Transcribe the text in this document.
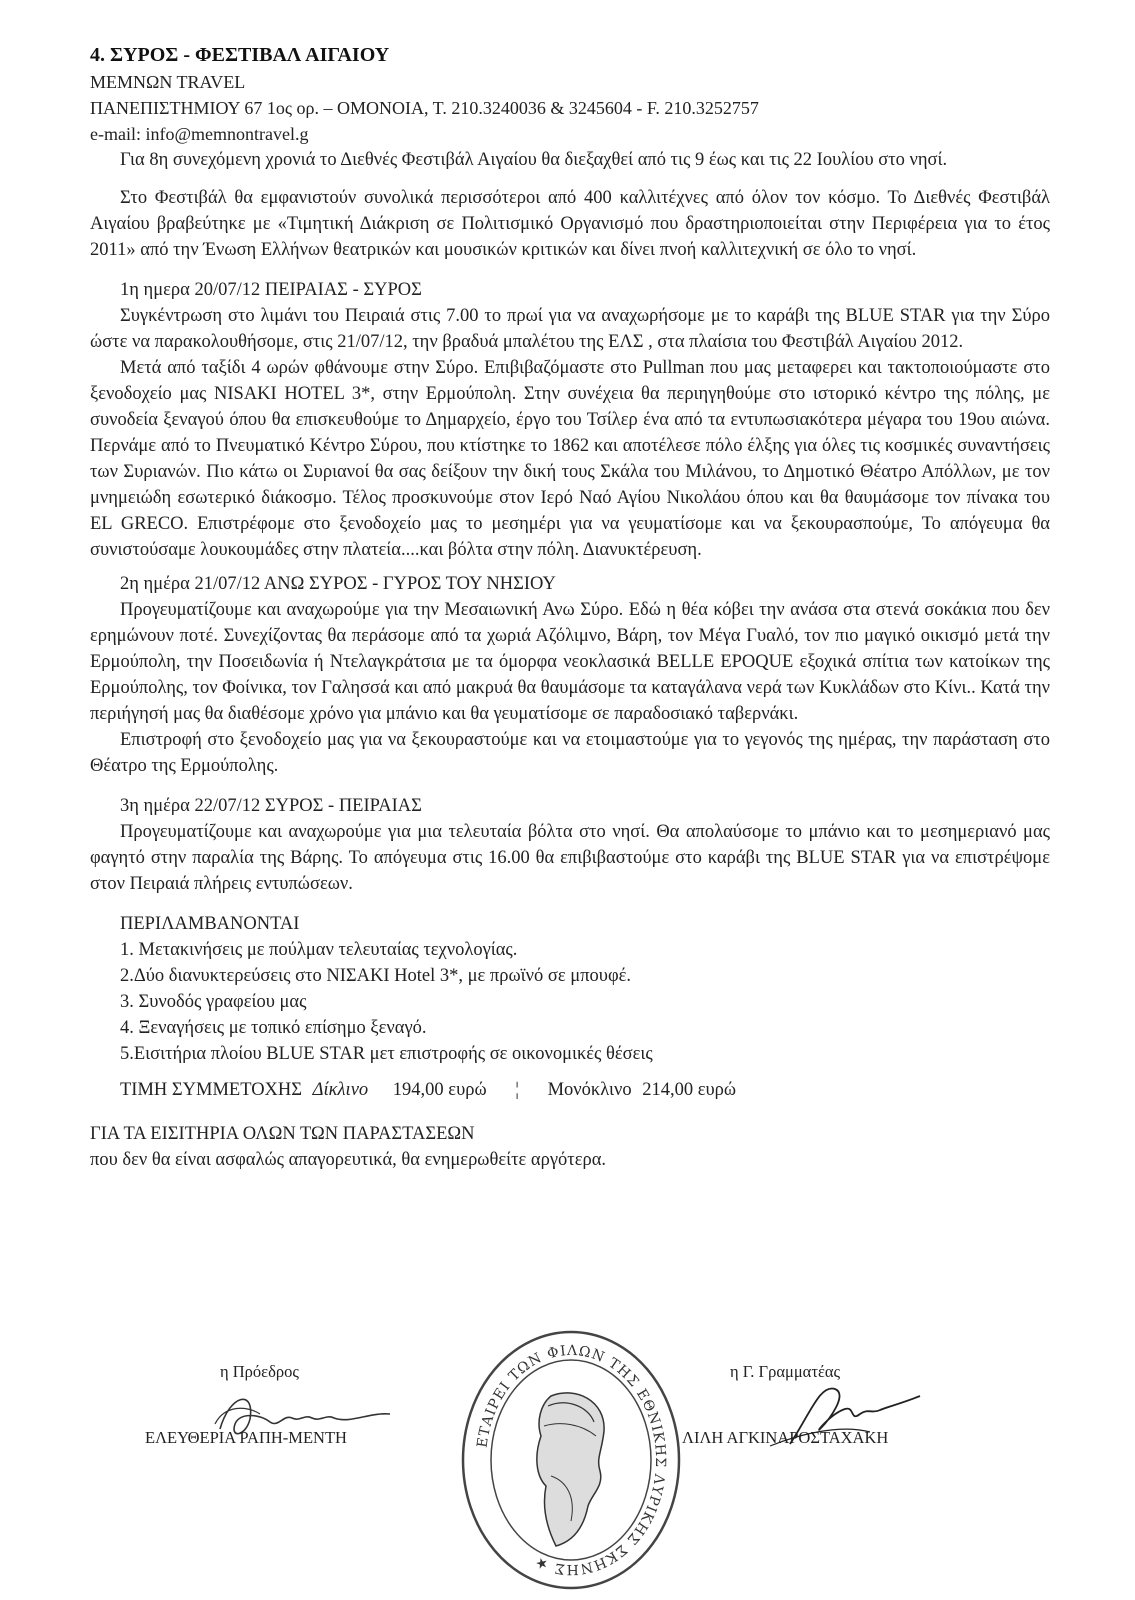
4. ΣΥΡΟΣ - ΦΕΣΤΙΒΑΛ ΑΙΓΑΙΟΥ
MEMNΩN TRAVEL
ΠΑΝΕΠΙΣΤΗΜΙΟΥ 67 1ος ορ. – ΟΜΟΝΟΙΑ, Τ. 210.3240036 & 3245604 - F. 210.3252757
e-mail: info@memnontravel.g

Για 8η συνεχόμενη χρονιά το Διεθνές Φεστιβάλ Αιγαίου θα διεξαχθεί από τις 9 έως και τις 22 Ιουλίου στο νησί.

Στο Φεστιβάλ θα εμφανιστούν συνολικά περισσότεροι από 400 καλλιτέχνες από όλον τον κόσμο. Το Διεθνές Φεστιβάλ Αιγαίου βραβεύτηκε με «Τιμητική Διάκριση σε Πολιτισμικό Οργανισμό που δραστηριοποιείται στην Περιφέρεια για το έτος 2011» από την Ένωση Ελλήνων θεατρικών και μουσικών κριτικών και δίνει πνοή καλλιτεχνική σε όλο το νησί.

1η ημερα 20/07/12 ΠΕΙΡΑΙΑΣ - ΣΥΡΟΣ

Συγκέντρωση στο λιμάνι του Πειραιά στις 7.00 το πρωί για να αναχωρήσομε με το καράβι της BLUE STAR για την Σύρο ώστε να παρακολουθήσομε, στις 21/07/12, την βραδυά μπαλέτου της ΕΛΣ , στα πλαίσια του Φεστιβάλ Αιγαίου 2012.

Μετά από ταξίδι 4 ωρών φθάνουμε στην Σύρο. Επιβιβαζόμαστε στο Pullman που μας μεταφερει και τακτοποιούμαστε στο ξενοδοχείο μας NISAKI HOTEL 3*, στην Ερμούπολη. Στην συνέχεια θα περιηγηθούμε στο ιστορικό κέντρο της πόλης, με συνοδεία ξεναγού όπου θα επισκευθούμε το Δημαρχείο, έργο του Τσίλερ ένα από τα εντυπωσιακότερα μέγαρα του 19ου αιώνα. Περνάμε από το Πνευματικό Κέντρο Σύρου, που κτίστηκε το 1862 και αποτέλεσε πόλο έλξης για όλες τις κοσμικές συναντήσεις των Συριανών. Πιο κάτω οι Συριανοί θα σας δείξουν την δική τους Σκάλα του Μιλάνου, το Δημοτικό Θέατρο Απόλλων, με τον μνημειώδη εσωτερικό διάκοσμο. Τέλος προσκυνούμε στον Ιερό Ναό Αγίου Νικολάου όπου και θα θαυμάσομε τον πίνακα του EL GRECO. Επιστρέφομε στο ξενοδοχείο μας το μεσημέρι για να γευματίσομε και να ξεκουρασπούμε, Το απόγευμα θα συνιστούσαμε λουκουμάδες στην πλατεία....και βόλτα στην πόλη. Διανυκτέρευση.

2η ημέρα 21/07/12 ΑΝΩ ΣΥΡΟΣ - ΓΥΡΟΣ ΤΟΥ ΝΗΣΙΟΥ

Προγευματίζουμε και αναχωρούμε για την Μεσαιωνική Ανω Σύρο. Εδώ η θέα κόβει την ανάσα στα στενά σοκάκια που δεν ερημώνουν ποτέ. Συνεχίζοντας θα περάσομε από τα χωριά Αζόλιμνο, Βάρη, τον Μέγα Γυαλό, τον πιο μαγικό οικισμό μετά την Ερμούπολη, την Ποσειδωνία ή Ντελαγκράτσια με τα όμορφα νεοκλασικά BELLE EPOQUE εξοχικά σπίτια των κατοίκων της Ερμούπολης, τον Φοίνικα, τον Γαλησσά και από μακρυά θα θαυμάσομε τα καταγάλανα νερά των Κυκλάδων στο Κίνι.. Κατά την περιήγησή μας θα διαθέσομε χρόνο για μπάνιο και θα γευματίσομε σε παραδοσιακό ταβερνάκι.

Επιστροφή στο ξενοδοχείο μας για να ξεκουραστούμε και να ετοιμαστούμε για το γεγονός της ημέρας, την παράσταση στο Θέατρο της Ερμούπολης.

3η ημέρα 22/07/12 ΣΥΡΟΣ - ΠΕΙΡΑΙΑΣ

Προγευματίζουμε και αναχωρούμε για μια τελευταία βόλτα στο νησί. Θα απολαύσομε το μπάνιο και το μεσημεριανό μας φαγητό στην παραλία της Βάρης. Το απόγευμα στις 16.00 θα επιβιβαστούμε στο καράβι της BLUE STAR για να επιστρέψομε στον Πειραιά πλήρεις εντυπώσεων.

ΠΕΡΙΛΑΜΒΑΝΟΝΤΑΙ
1. Μετακινήσεις με πούλμαν τελευταίας τεχνολογίας.
2.Δύο διανυκτερεύσεις στο ΝΙΣΑΚΙ Hotel 3*, με πρωϊνό σε μπουφέ.
3. Συνοδός γραφείου μας
4. Ξεναγήσεις με τοπικό επίσημο ξεναγό.
5.Εισιτήρια πλοίου BLUE STAR μετ επιστροφής σε οικονομικές θέσεις
ΤΙΜΗ ΣΥΜΜΕΤΟΧΗΣ Δίκλινο 194,00 ευρώ ¦ Μονόκλινο 214,00 ευρώ
ΓΙΑ ΤΑ ΕΙΣΙΤΗΡΙΑ ΟΛΩΝ ΤΩΝ ΠΑΡΑΣΤΑΣΕΩΝ
που δεν θα είναι ασφαλώς απαγορευτικά, θα ενημερωθείτε αργότερα.
η Πρόεδρος
ΕΛΕΥΘΕΡΙΑ ΡΑΠΗ-ΜΕΝΤΗ	ΕΤΑΙΡΕΙ ΤΩΝ ΦΙΛΩΝ ΤΗΣ ΕΘΝΙΚΗΣ ΛΥΡΙΚΗΣ ΣΚΗΝΗΣ ★
η Γ. Γραμματέας
ΛΙΛΗ ΑΓΚΙΝΑΡΟΣΤΑΧΑΚΗ
